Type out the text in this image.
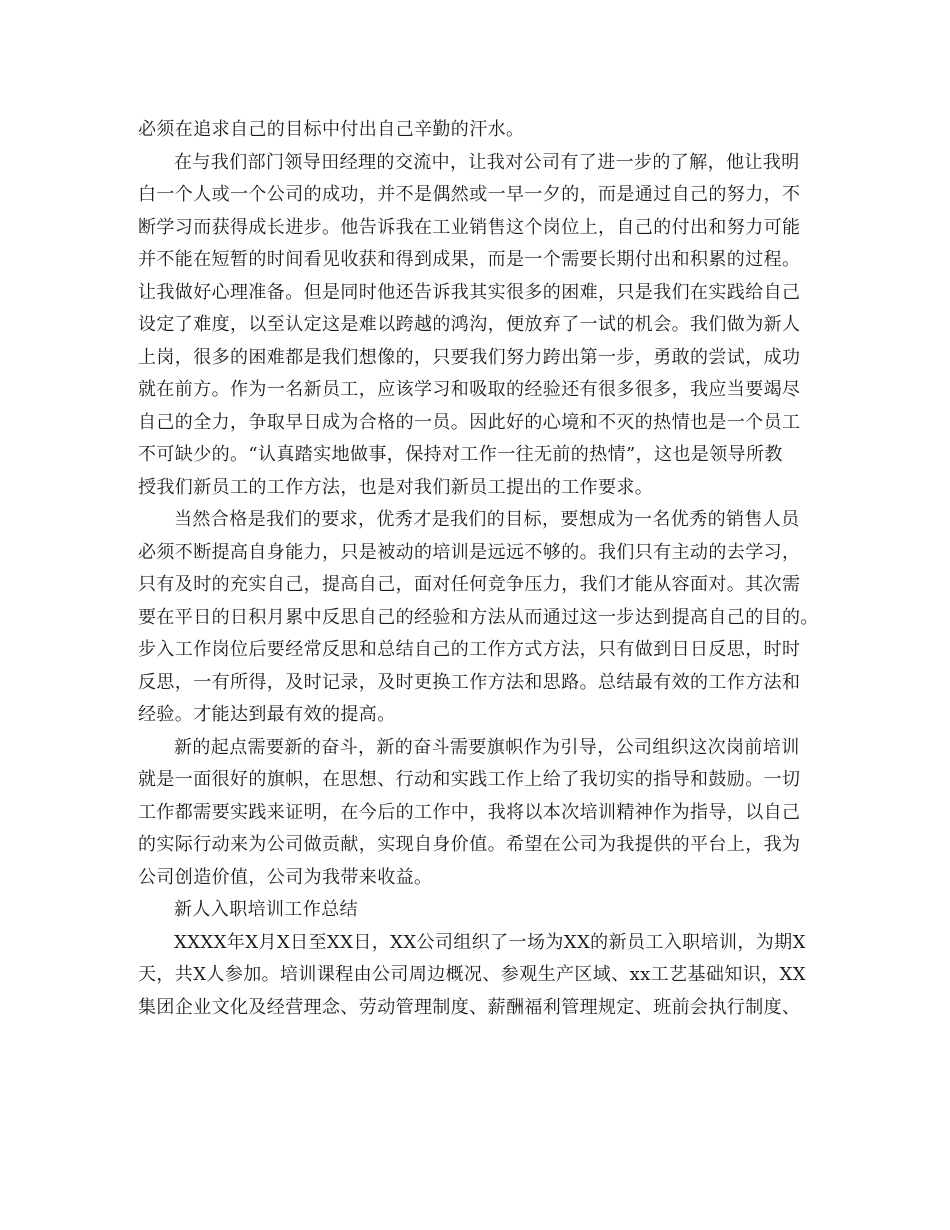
必须在追求自己的目标中付出自己辛勤的汗水。
在与我们部门领导田经理的交流中，让我对公司有了进一步的了解，他让我明
白一个人或一个公司的成功，并不是偶然或一早一夕的，而是通过自己的努力，不
断学习而获得成长进步。他告诉我在工业销售这个岗位上，自己的付出和努力可能
并不能在短暂的时间看见收获和得到成果，而是一个需要长期付出和积累的过程。
让我做好心理准备。但是同时他还告诉我其实很多的困难，只是我们在实践给自己
设定了难度，以至认定这是难以跨越的鸿沟，便放弃了一试的机会。我们做为新人
上岗，很多的困难都是我们想像的，只要我们努力跨出第一步，勇敢的尝试，成功
就在前方。作为一名新员工，应该学习和吸取的经验还有很多很多，我应当要竭尽
自己的全力，争取早日成为合格的一员。因此好的心境和不灭的热情也是一个员工
不可缺少的。“认真踏实地做事，保持对工作一往无前的热情”，这也是领导所教
授我们新员工的工作方法，也是对我们新员工提出的工作要求。
当然合格是我们的要求，优秀才是我们的目标，要想成为一名优秀的销售人员
必须不断提高自身能力，只是被动的培训是远远不够的。我们只有主动的去学习，
只有及时的充实自己，提高自己，面对任何竞争压力，我们才能从容面对。其次需
要在平日的日积月累中反思自己的经验和方法从而通过这一步达到提高自己的目的。
步入工作岗位后要经常反思和总结自己的工作方式方法，只有做到日日反思，时时
反思，一有所得，及时记录，及时更换工作方法和思路。总结最有效的工作方法和
经验。才能达到最有效的提高。
新的起点需要新的奋斗，新的奋斗需要旗帜作为引导，公司组织这次岗前培训
就是一面很好的旗帜，在思想、行动和实践工作上给了我切实的指导和鼓励。一切
工作都需要实践来证明，在今后的工作中，我将以本次培训精神作为指导，以自己
的实际行动来为公司做贡献，实现自身价值。希望在公司为我提供的平台上，我为
公司创造价值，公司为我带来收益。
新人入职培训工作总结
XXXX年X月X日至XX日，XX公司组织了一场为XX的新员工入职培训，为期X
天，共X人参加。培训课程由公司周边概况、参观生产区域、xx工艺基础知识，XX
集团企业文化及经营理念、劳动管理制度、薪酬福利管理规定、班前会执行制度、
